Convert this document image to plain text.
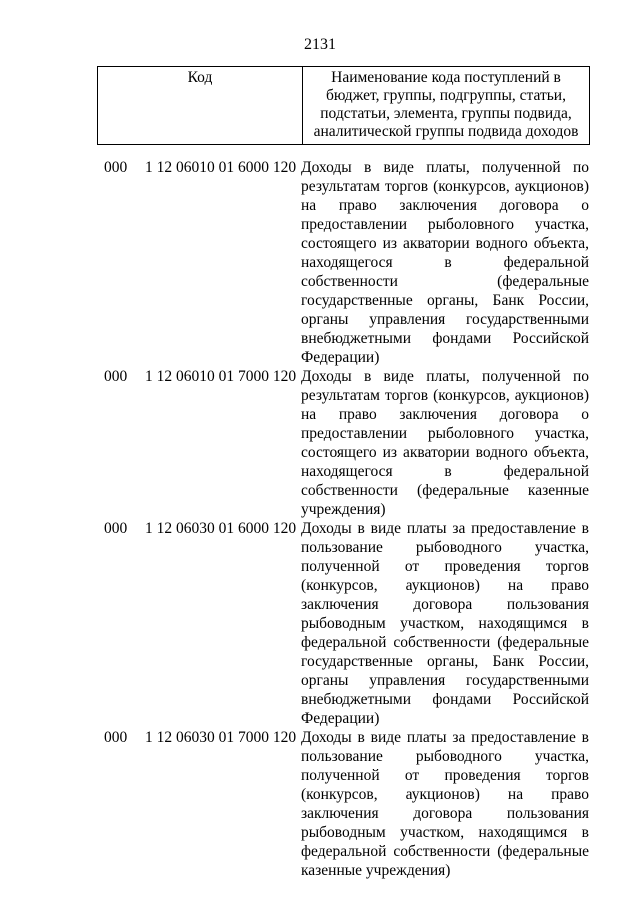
2131
Код	Наименование кода поступлений в бюджет, группы, подгруппы, статьи, подстатьи, элемента, группы подвида, аналитической группы подвида доходов
000	1 12 06010 01 6000 120 Доходы в виде платы, полученной по результатам торгов (конкурсов, аукционов) на право заключения договора о предоставлении рыболовного участка, состоящего из акватории водного объекта, находящегося в федеральной собственности (федеральные государственные органы, Банк России, органы управления государственными внебюджетными фондами Российской Федерации)
000	1 12 06010 01 7000 120 Доходы в виде платы, полученной по результатам торгов (конкурсов, аукционов) на право заключения договора о предоставлении рыболовного участка, состоящего из акватории водного объекта, находящегося в федеральной собственности (федеральные казенные учреждения)
000	1 12 06030 01 6000 120 Доходы в виде платы за предоставление в пользование рыбоводного участка, полученной от проведения торгов (конкурсов, аукционов) на право заключения договора пользования рыбоводным участком, находящимся в федеральной собственности (федеральные государственные органы, Банк России, органы управления государственными внебюджетными фондами Российской Федерации)
000	1 12 06030 01 7000 120 Доходы в виде платы за предоставление в пользование рыбоводного участка, полученной от проведения торгов (конкурсов, аукционов) на право заключения договора пользования рыбоводным участком, находящимся в федеральной собственности (федеральные казенные учреждения)
